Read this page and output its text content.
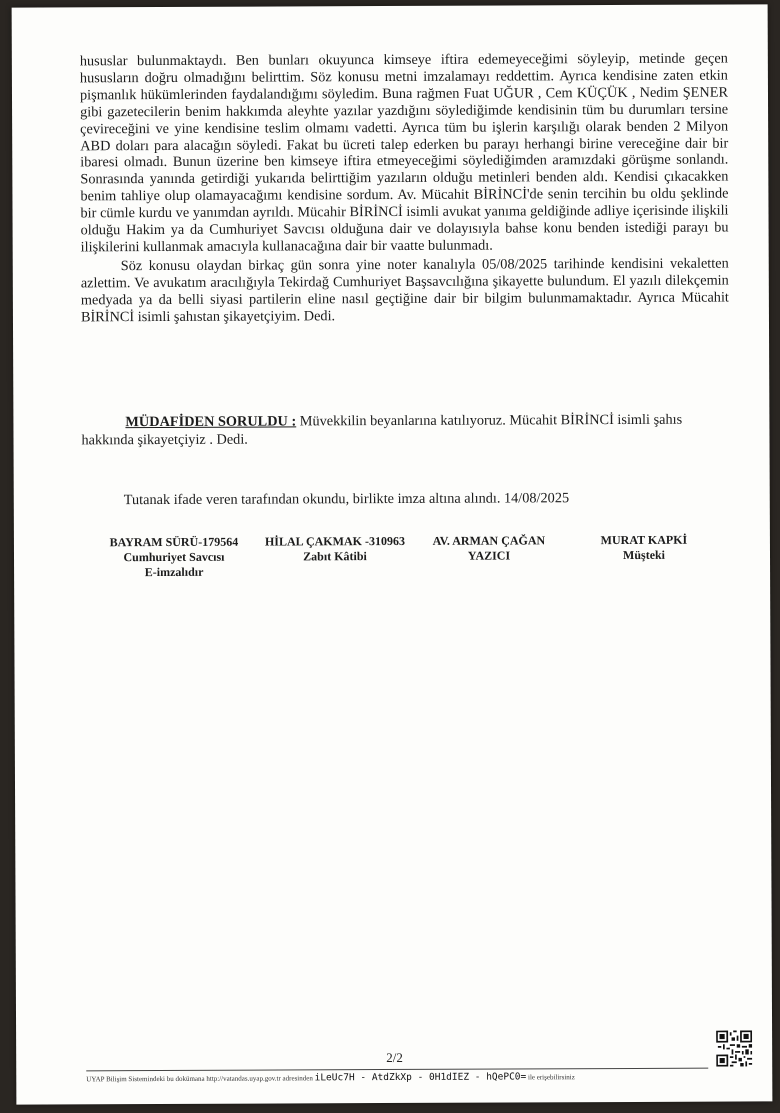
hususlar bulunmaktaydı. Ben bunları okuyunca kimseye iftira edemeyeceğimi söyleyip, metinde geçen hususların doğru olmadığını belirttim. Söz konusu metni imzalamayı reddettim. Ayrıca kendisine zaten etkin pişmanlık hükümlerinden faydalandığımı söyledim. Buna rağmen Fuat UĞUR , Cem KÜÇÜK , Nedim ŞENER gibi gazetecilerin benim hakkımda aleyhte yazılar yazdığını söylediğimde kendisinin tüm bu durumları tersine çevireceğini ve yine kendisine teslim olmamı vadetti. Ayrıca tüm bu işlerin karşılığı olarak benden 2 Milyon ABD doları para alacağın söyledi. Fakat bu ücreti talep ederken bu parayı herhangi birine vereceğine dair bir ibaresi olmadı. Bunun üzerine ben kimseye iftira etmeyeceğimi söylediğimden aramızdaki görüşme sonlandı. Sonrasında yanında getirdiği yukarıda belirttiğim yazıların olduğu metinleri benden aldı. Kendisi çıkacakken benim tahliye olup olamayacağımı kendisine sordum. Av. Mücahit BİRİNCİ'de senin tercihin bu oldu şeklinde bir cümle kurdu ve yanımdan ayrıldı. Mücahir BİRİNCİ isimli avukat yanıma geldiğinde adliye içerisinde ilişkili olduğu Hakim ya da Cumhuriyet Savcısı olduğuna dair ve dolayısıyla bahse konu benden istediği parayı bu ilişkilerini kullanmak amacıyla kullanacağına dair bir vaatte bulunmadı.

Söz konusu olaydan birkaç gün sonra yine noter kanalıyla 05/08/2025 tarihinde kendisini vekaletten azlettim. Ve avukatım aracılığıyla Tekirdağ Cumhuriyet Başsavcılığına şikayette bulundum. El yazılı dilekçemin medyada ya da belli siyasi partilerin eline nasıl geçtiğine dair bir bilgim bulunmamaktadır. Ayrıca Mücahit BİRİNCİ isimli şahıstan şikayetçiyim. Dedi.

MÜDAFİDEN SORULDU : Müvekkilin beyanlarına katılıyoruz. Mücahit BİRİNCİ isimli şahıs
hakkında şikayetçiyiz . Dedi.
Tutanak ifade veren tarafından okundu, birlikte imza altına alındı. 14/08/2025
BAYRAM SÜRÜ-179564
Cumhuriyet Savcısı
E-imzalıdır
HİLAL ÇAKMAK -310963
Zabıt Kâtibi
AV. ARMAN ÇAĞAN
YAZICI
MURAT KAPKİ
Müşteki
2/2
UYAP Bilişim Sistemindeki bu dokümana http://vatandas.uyap.gov.tr adresinden iLeUc7H - AtdZkXp - 0H1dIEZ - hQePC0= ile erişebilirsiniz
